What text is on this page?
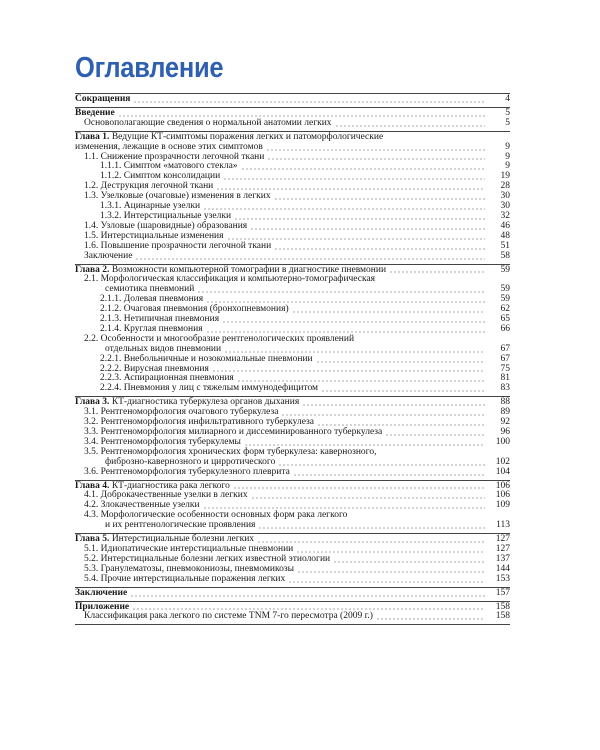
Оглавление
Сокращения	4
Введение	5
Основополагающие сведения о нормальной анатомии легких	5
Глава 1. Ведущие КТ-симптомы поражения легких и патоморфологические
изменения, лежащие в основе этих симптомов	9
1.1. Снижение прозрачности легочной ткани	9
1.1.1. Симптом «матового стекла»	9
1.1.2. Симптом консолидации	19
1.2. Деструкция легочной ткани	28
1.3. Узелковые (очаговые) изменения в легких	30
1.3.1. Ацинарные узелки	30
1.3.2. Интерстициальные узелки	32
1.4. Узловые (шаровидные) образования	46
1.5. Интерстициальные изменения	48
1.6. Повышение прозрачности легочной ткани	51
Заключение	58
Глава 2. Возможности компьютерной томографии в диагностике пневмонии	59
2.1. Морфологическая классификация и компьютерно-томографическая
семиотика пневмоний	59
2.1.1. Долевая пневмония	59
2.1.2. Очаговая пневмония (бронхопневмония)	62
2.1.3. Нетипичная пневмония	65
2.1.4. Круглая пневмония	66
2.2. Особенности и многообразие рентгенологических проявлений
отдельных видов пневмонии	67
2.2.1. Внебольничные и нозокомиальные пневмонии	67
2.2.2. Вирусная пневмония	75
2.2.3. Аспирационная пневмония	81
2.2.4. Пневмония у лиц с тяжелым иммунодефицитом	83
Глава 3. КТ-диагностика туберкулеза органов дыхания	88
3.1. Рентгеноморфология очагового туберкулеза	89
3.2. Рентгеноморфология инфильтративного туберкулеза	92
3.3. Рентгеноморфология милиарного и диссеминированного туберкулеза	96
3.4. Рентгеноморфология туберкулемы	100
3.5. Рентгеноморфология хронических форм туберкулеза: кавернозного,
фиброзно-кавернозного и цирротического	102
3.6. Рентгеноморфология туберкулезного плеврита	104
Глава 4. КТ-диагностика рака легкого	106
4.1. Доброкачественные узелки в легких	106
4.2. Злокачественные узелки	109
4.3. Морфологические особенности основных форм рака легкого
и их рентгенологические проявления	113
Глава 5. Интерстициальные болезни легких	127
5.1. Идиопатические интерстициальные пневмонии	127
5.2. Интерстициальные болезни легких известной этиологии	137
5.3. Гранулематозы, пневмокониозы, пневмомикозы	144
5.4. Прочие интерстициальные поражения легких	153
Заключение	157
Приложение	158
Классификация рака легкого по системе TNM 7-го пересмотра (2009 г.)	158
